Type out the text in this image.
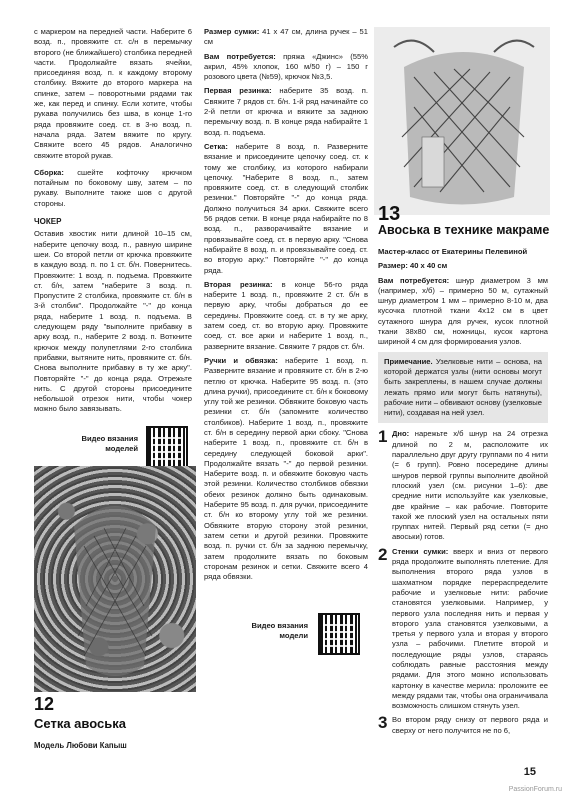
с маркером на передней части. Наберите 6 возд. п., провяжите ст. с/н в перемычку второго (не ближайшего) столбика передней части. Продолжайте вязать ячейки, присоединяя возд. п. к каждому второму столбику. Вяжите до второго маркера на спинке, затем – поворотными рядами так же, как перед и спинку. Если хотите, чтобы рукава получились без шва, в конце 1-го ряда провяжите соед. ст. в 3-ю возд. п. начала ряда. Затем вяжите по кругу. Свяжите всего 45 рядов. Аналогично свяжите второй рукав.

Сборка: сшейте кофточку крючком потайным по боковому шву, затем – по рукаву. Выполните также шов с другой стороны.

ЧОКЕР

Оставив хвостик нити длиной 10–15 см, наберите цепочку возд. п., равную ширине шеи. Со второй петли от крючка провяжите в каждую возд. п. по 1 ст. б/н. Повернитесь. Провяжите: 1 возд. п. подъема. Провяжите ст. б/н, затем "наберите 3 возд. п. Пропустите 2 столбика, провяжите ст. б/н в 3-й столбик". Продолжайте "-" до конца ряда, наберите 1 возд. п. подъема. В следующем ряду "выполните прибавку в арку возд. п., наберите 2 возд. п. Воткните крючок между полупетлями 2-го столбика прибавки, вытяните нить, провяжите ст. б/н. Снова выполните прибавку в ту же арку". Повторяйте "-" до конца ряда. Отрежьте нить. С другой стороны присоедините небольшой отрезок нити, чтобы чокер можно было завязывать.

Видео вязания моделей
12
Сетка авоська
Модель Любови Капыш

Размер сумки: 41 x 47 см, длина ручек – 51 см

Вам потребуется: пряжа «Джинс» (55% акрил, 45% хлопок, 160 м/50 г) – 150 г розового цвета (№59), крючок №3,5.

Первая резинка: наберите 35 возд. п. Свяжите 7 рядов ст. б/н. 1-й ряд начинайте со 2-й петли от крючка и вяжите за заднюю перемычку возд. п. В конце ряда набирайте 1 возд. п. подъема.

Сетка: наберите 8 возд. п. Разверните вязание и присоедините цепочку соед. ст. к тому же столбику, из которого набирали цепочку. "Наберите 8 возд. п., затем провяжите соед. ст. в следующий столбик резинки." Повторяйте "-" до конца ряда. Должно получиться 34 арки. Свяжите всего 56 рядов сетки. В конце ряда набирайте по 8 возд. п., разворачивайте вязание и провязывайте соед. ст. в первую арку. "Снова набирайте 8 возд. п. и провязывайте соед. ст. во вторую арку." Повторяйте "-" до конца ряда.

Вторая резинка: в конце 56-го ряда наберите 1 возд. п., провяжите 2 ст. б/н в первую арку, чтобы добраться до ее середины. Провяжите соед. ст. в ту же арку, затем соед. ст. во вторую арку. Провяжите соед. ст. все арки и наберите 1 возд. п., разверните вязание. Свяжите 7 рядов ст. б/н.

Ручки и обвязка: наберите 1 возд. п. Разверните вязание и провяжите ст. б/н в 2-ю петлю от крючка. Наберите 95 возд. п. (это длина ручки), присоедините ст. б/н к боковому углу той же резинки. Обвяжите боковую часть резинки ст. б/н (запомните количество столбиков). Наберите 1 возд. п., провяжите ст. б/н в середину первой арки сбоку. "Снова наберите 1 возд. п., провяжите ст. б/н в середину следующей боковой арки". Продолжайте вязать "-" до первой резинки. Наберите возд. п. и обвяжите боковую часть этой резинки. Количество столбиков обвязки обеих резинок должно быть одинаковым. Наберите 95 возд. п. для ручки, присоедините ст. б/н ко второму углу той же резинки. Обвяжите вторую сторону этой резинки, затем сетки и другой резинки. Провяжите возд. п. ручки ст. б/н за заднюю перемычку, затем продолжите вязать по боковым сторонам резинок и сетки. Свяжите всего 4 ряда обвязки.

Видео вязания модели
13
Авоська в технике макраме

Мастер-класс от Екатерины Пелевиной

Размер: 40 x 40 см

Вам потребуется: шнур диаметром 3 мм (например, х/б) – примерно 50 м, сутажный шнур диаметром 1 мм – примерно 8-10 м, два кусочка плотной ткани 4х12 см в цвет сутажного шнура для ручек, кусок плотной ткани 38х80 см, ножницы, кусок картона шириной 4 см для формирования узлов.

Примечание. Узелковые нити – основа, на которой держатся узлы (нити основы могут быть закреплены, в нашем случае должны лежать прямо или могут быть натянуты), рабочие нити – обвивают основу (узелковые нити), создавая на ней узел.
1 Дно: нарежьте х/б шнур на 24 отрезка длиной по 2 м, расположите их параллельно друг другу группами по 4 нити (= 6 групп). Ровно посередине длины шнуров первой группы выполните двойной плоский узел (см. рисунки 1–6): две средние нити используйте как узелковые, две крайние – как рабочие. Повторите такой же плоский узел на остальных пяти группах нитей. Первый ряд сетки (= дно авоськи) готов.

2 Стенки сумки: вверх и вниз от первого ряда продолжите выполнять плетение. Для выполнения второго ряда узлов в шахматном порядке перераспределите рабочие и узелковые нити: рабочие становятся узелковыми. Например, у первого узла последняя нить и первая у второго узла становятся узелковыми, а третья у первого узла и вторая у второго узла – рабочими. Плетите второй и последующие ряды узлов, стараясь соблюдать равные расстояния между рядами. Для этого можно использовать картонку в качестве мерила: проложите ее между рядами так, чтобы она ограничивала возможность слишком стянуть узел.

3 Во втором ряду снизу от первого ряда и сверху от него получится не по 6,

15
PassionForum.ru
